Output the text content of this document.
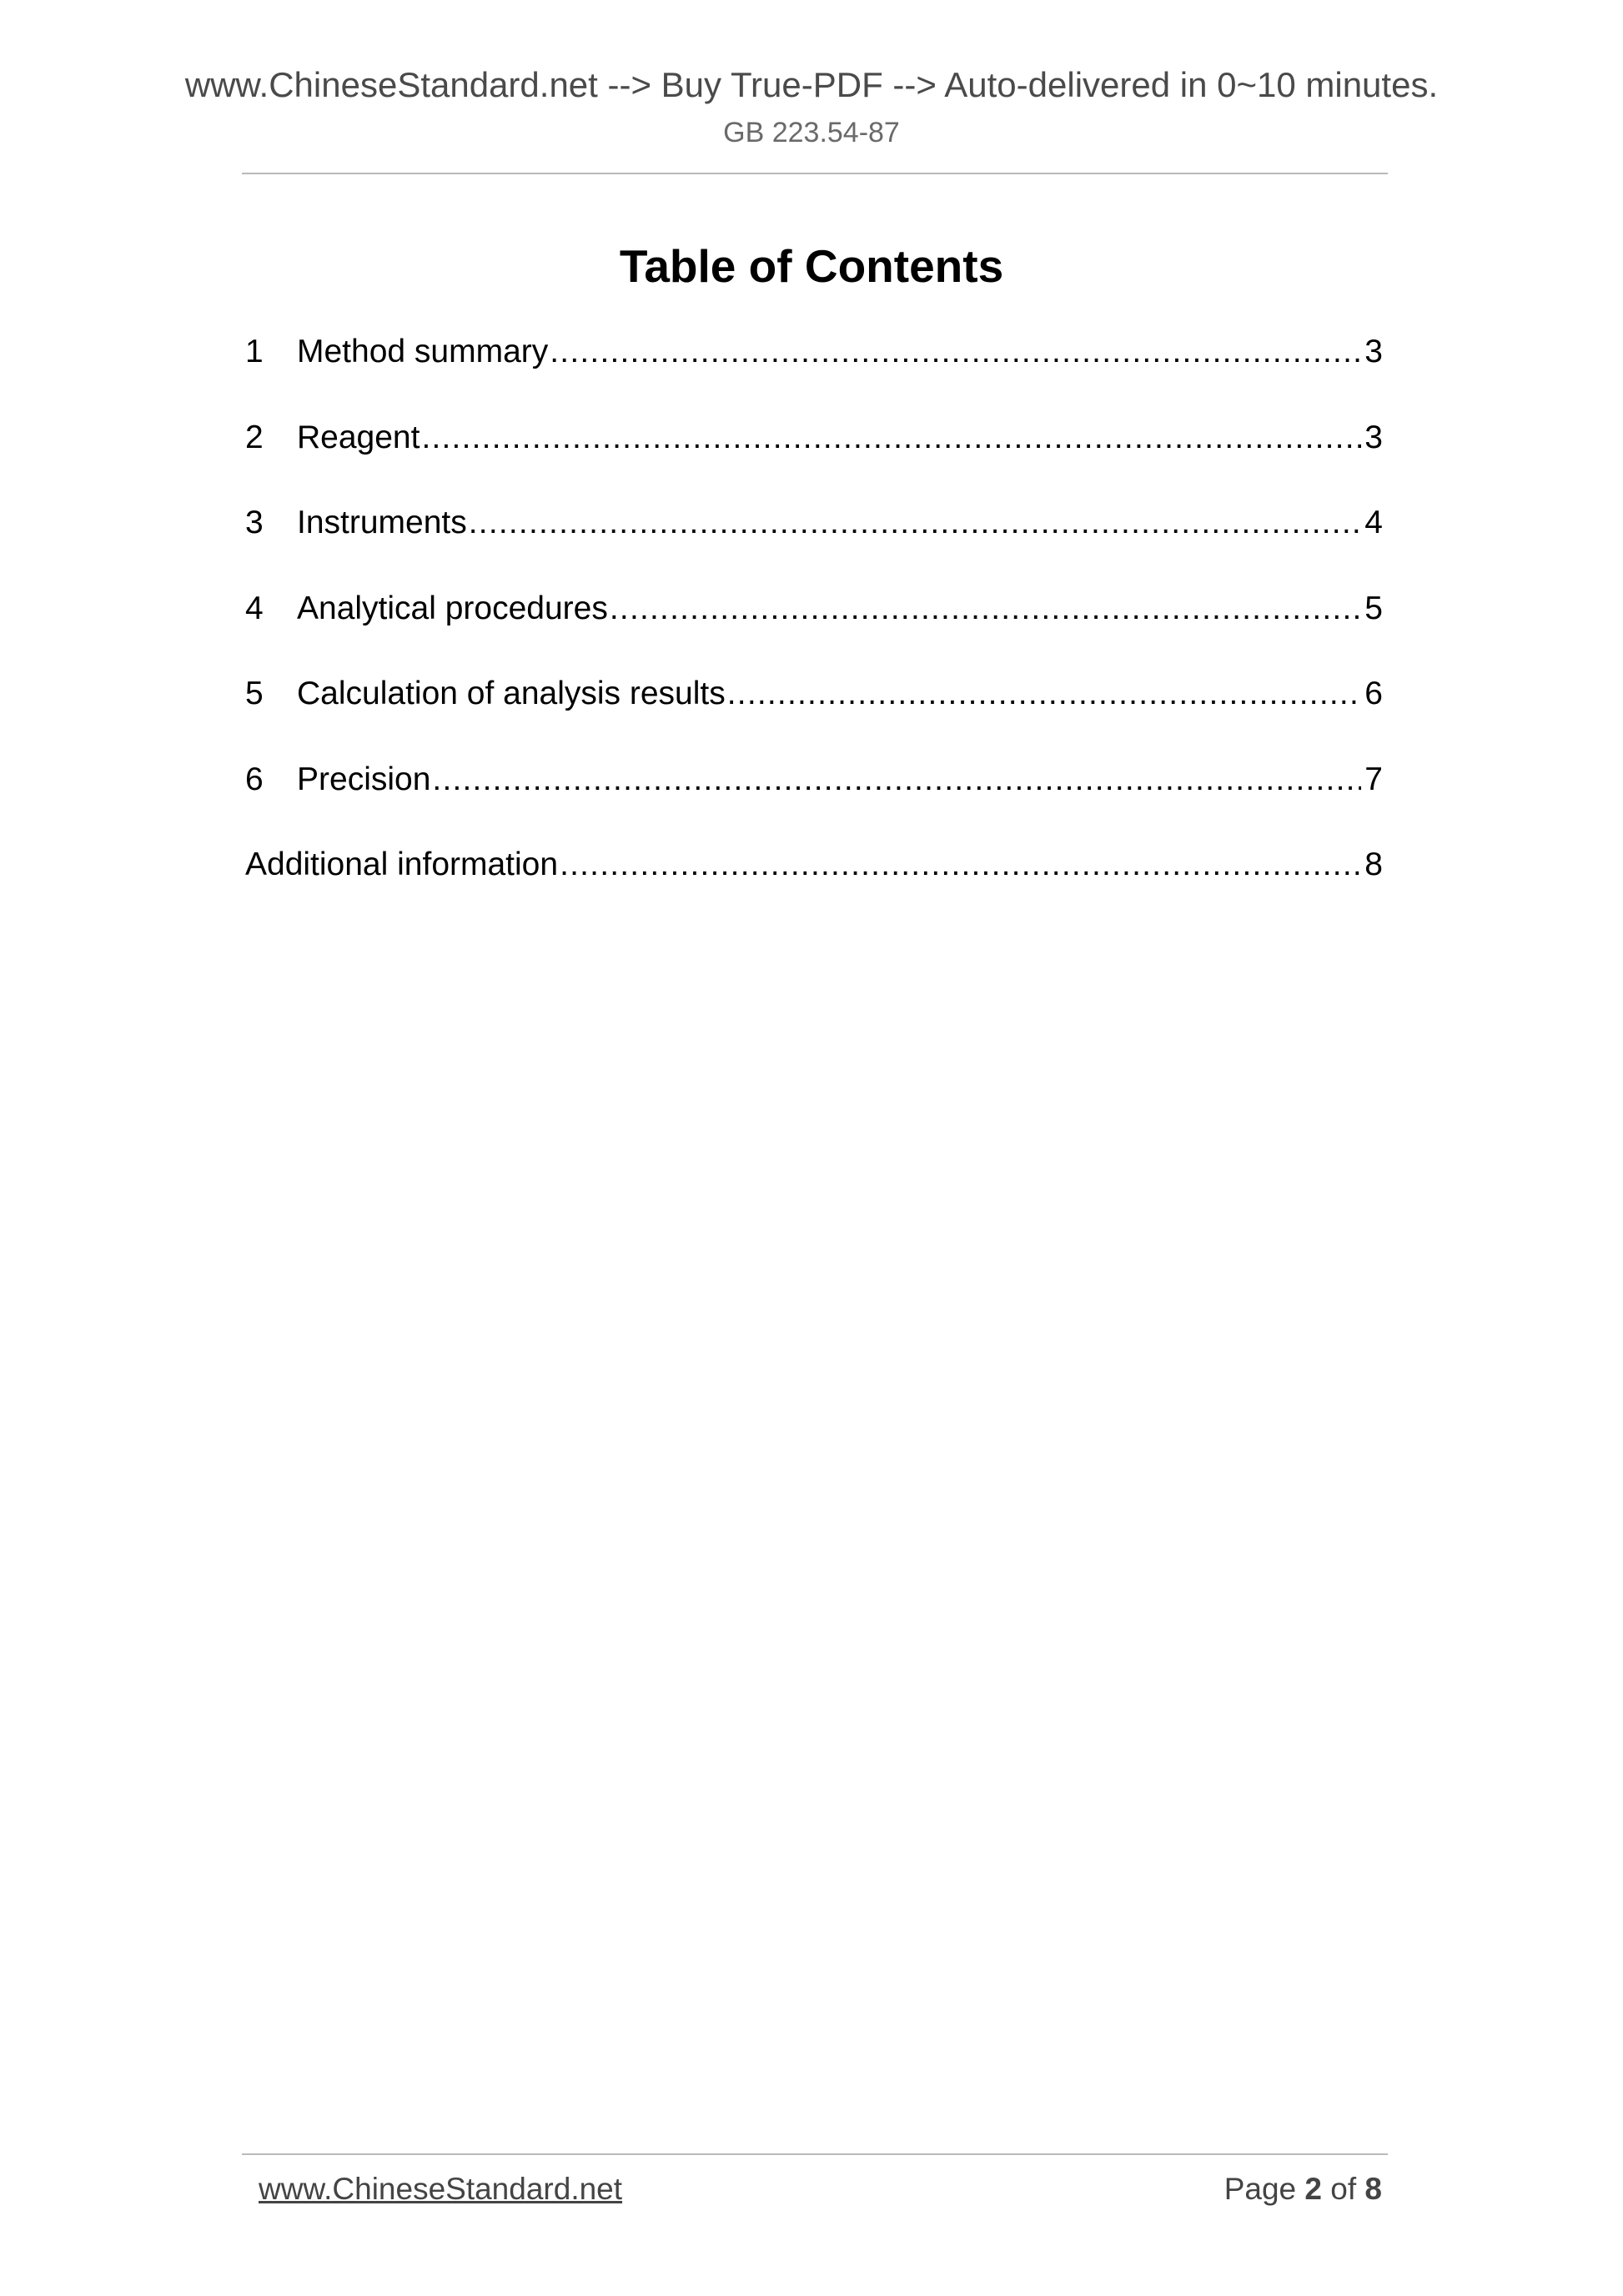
www.ChineseStandard.net --> Buy True-PDF --> Auto-delivered in 0~10 minutes.
GB 223.54-87
Table of Contents
1	Method summary .....	3
2	Reagent .....	3
3	Instruments .....	4
4	Analytical procedures .....	5
5	Calculation of analysis results .....	6
6	Precision .....	7
Additional information .....	8
www.ChineseStandard.net	Page 2 of 8
